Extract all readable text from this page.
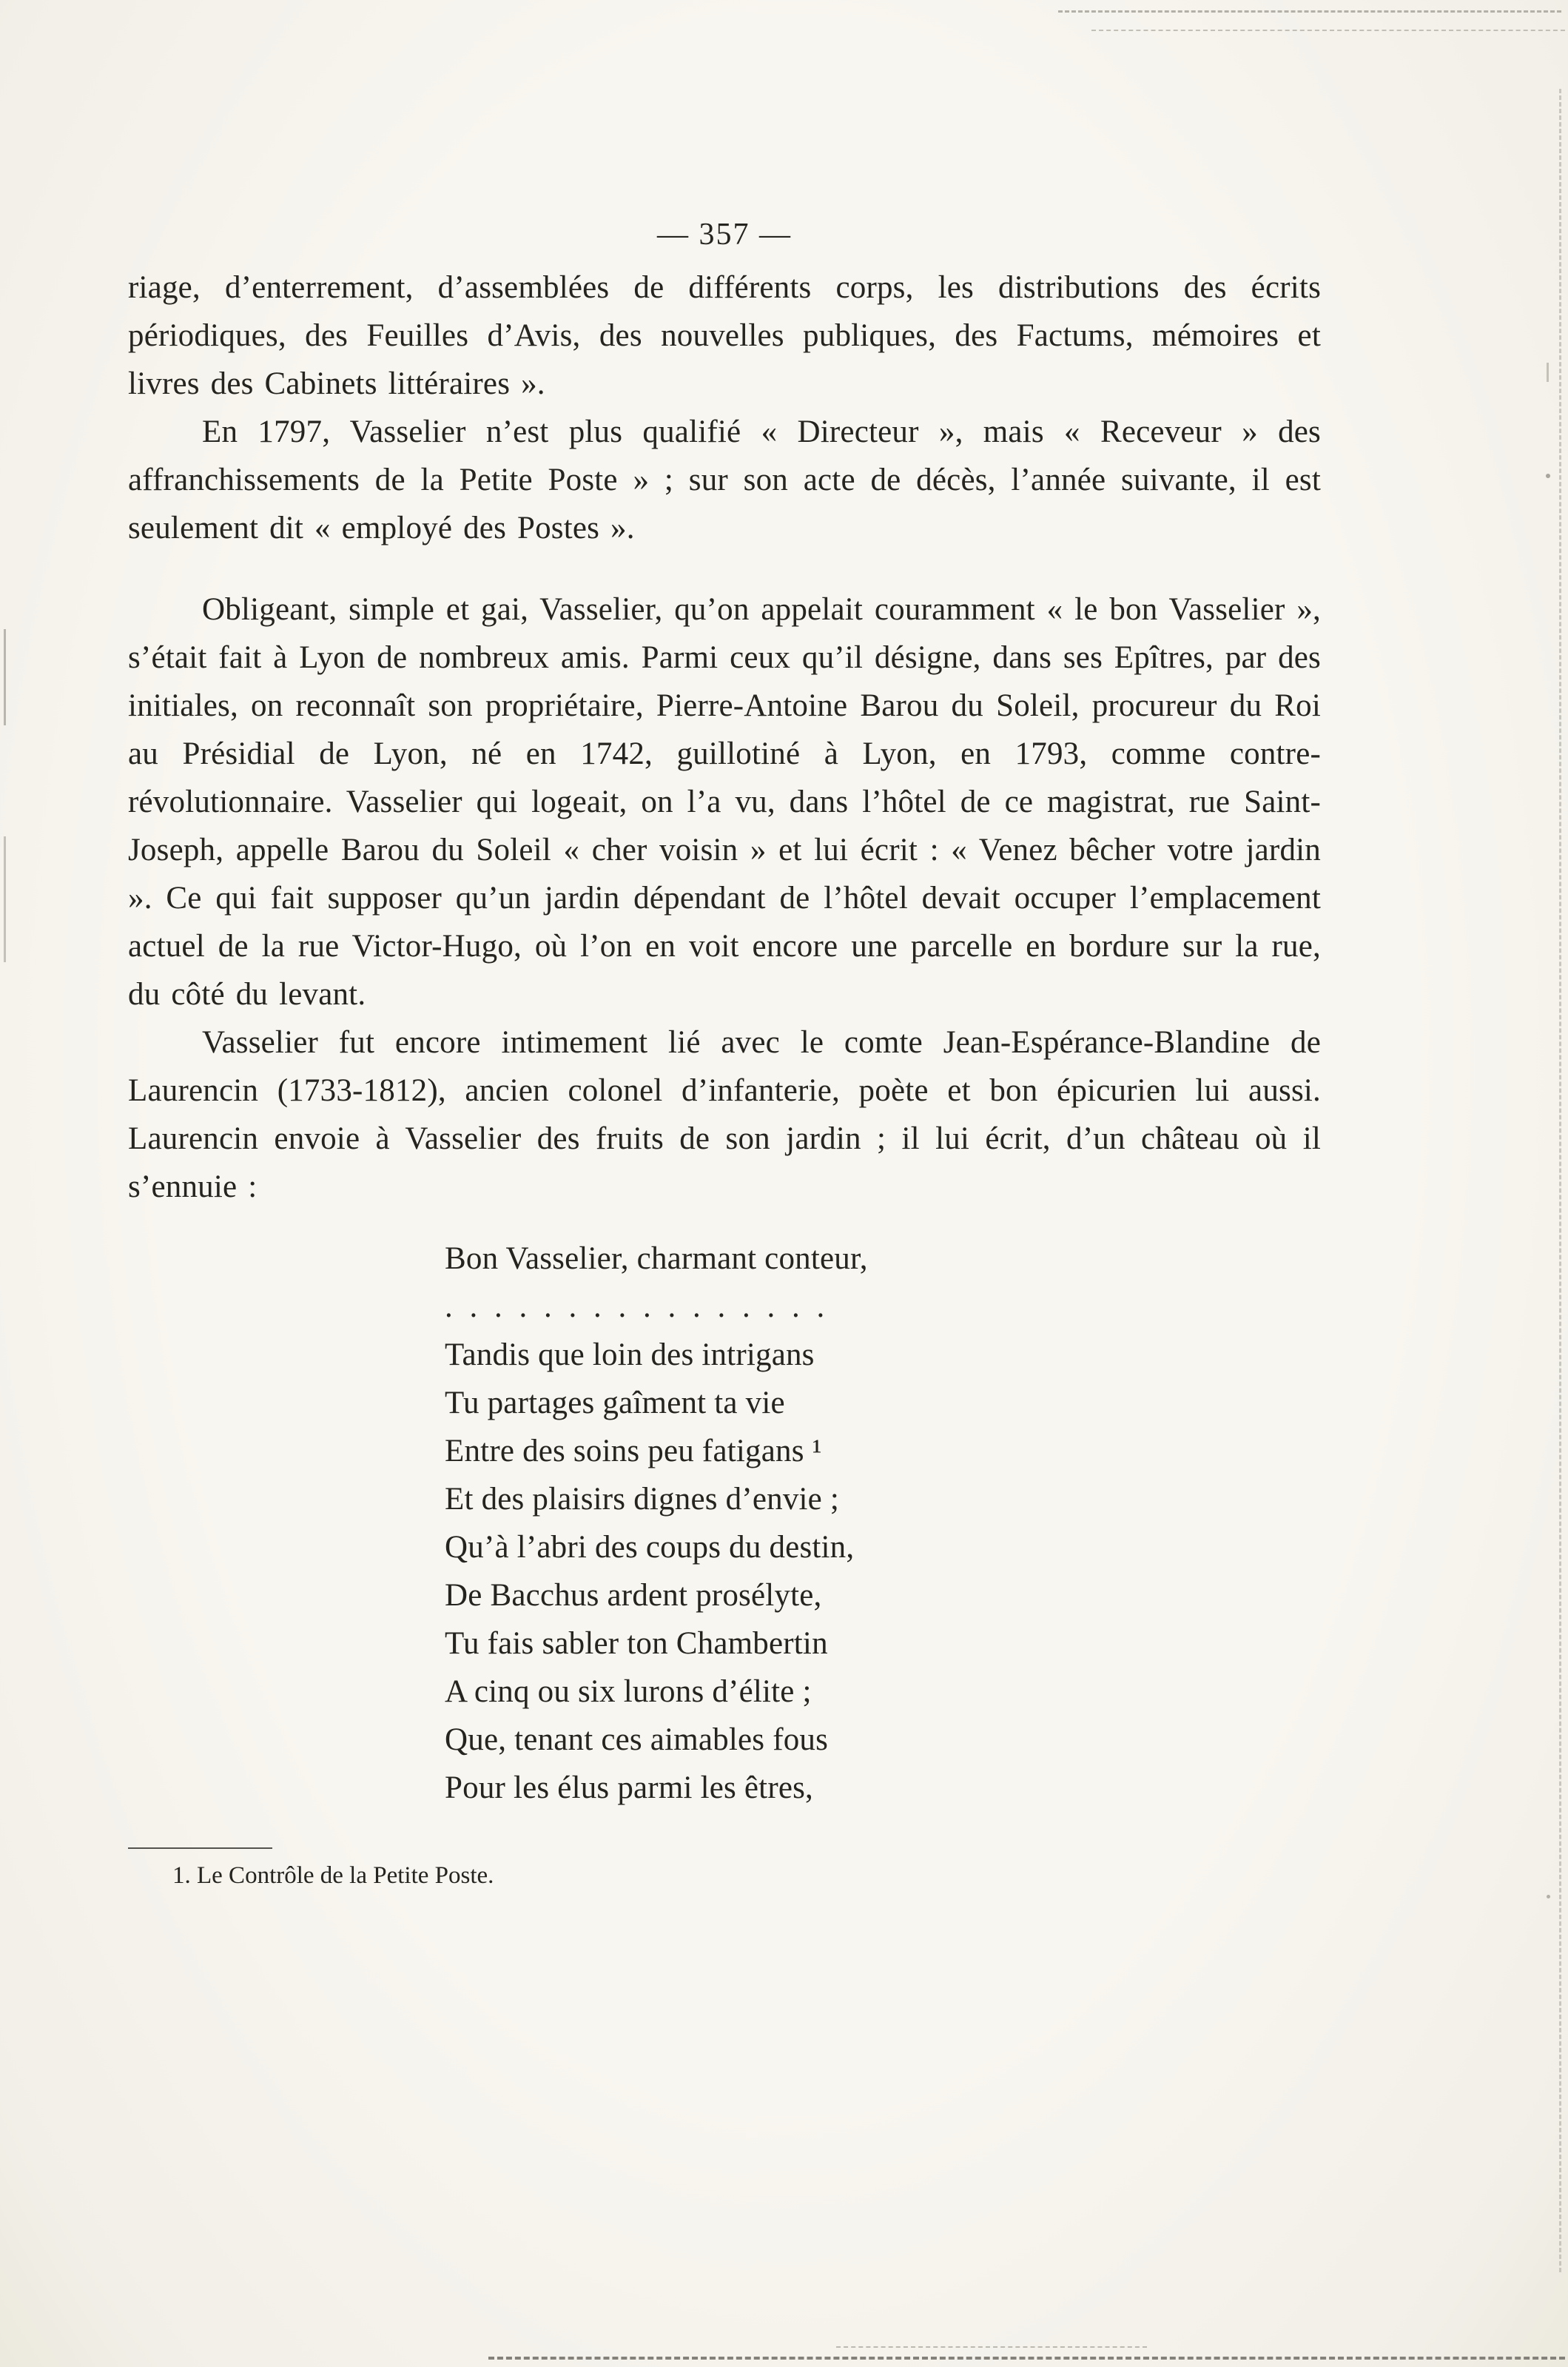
— 357 —

riage, d’enterrement, d’assemblées de différents corps, les distributions des écrits périodiques, des Feuilles d’Avis, des nouvelles publiques, des Factums, mémoires et livres des Cabinets littéraires ».

En 1797, Vasselier n’est plus qualifié « Directeur », mais « Receveur » des affranchissements de la Petite Poste » ; sur son acte de décès, l’année suivante, il est seulement dit « employé des Postes ».

Obligeant, simple et gai, Vasselier, qu’on appelait couramment « le bon Vasselier », s’était fait à Lyon de nombreux amis. Parmi ceux qu’il désigne, dans ses Epîtres, par des initiales, on reconnaît son propriétaire, Pierre-Antoine Barou du Soleil, procureur du Roi au Présidial de Lyon, né en 1742, guillotiné à Lyon, en 1793, comme contre-révolutionnaire. Vasselier qui logeait, on l’a vu, dans l’hôtel de ce magistrat, rue Saint-Joseph, appelle Barou du Soleil « cher voisin » et lui écrit : « Venez bêcher votre jardin ». Ce qui fait supposer qu’un jardin dépendant de l’hôtel devait occuper l’emplacement actuel de la rue Victor-Hugo, où l’on en voit encore une parcelle en bordure sur la rue, du côté du levant.

Vasselier fut encore intimement lié avec le comte Jean-Espérance-Blandine de Laurencin (1733-1812), ancien colonel d’infanterie, poète et bon épicurien lui aussi. Laurencin envoie à Vasselier des fruits de son jardin ; il lui écrit, d’un château où il s’ennuie :

Bon Vasselier, charmant conteur,
. . . . . . . . . . . . . . . .
Tandis que loin des intrigans
Tu partages gaîment ta vie
Entre des soins peu fatigans ¹
Et des plaisirs dignes d’envie ;
Qu’à l’abri des coups du destin,
De Bacchus ardent prosélyte,
Tu fais sabler ton Chambertin
A cinq ou six lurons d’élite ;
Que, tenant ces aimables fous
Pour les élus parmi les êtres,
1. Le Contrôle de la Petite Poste.
